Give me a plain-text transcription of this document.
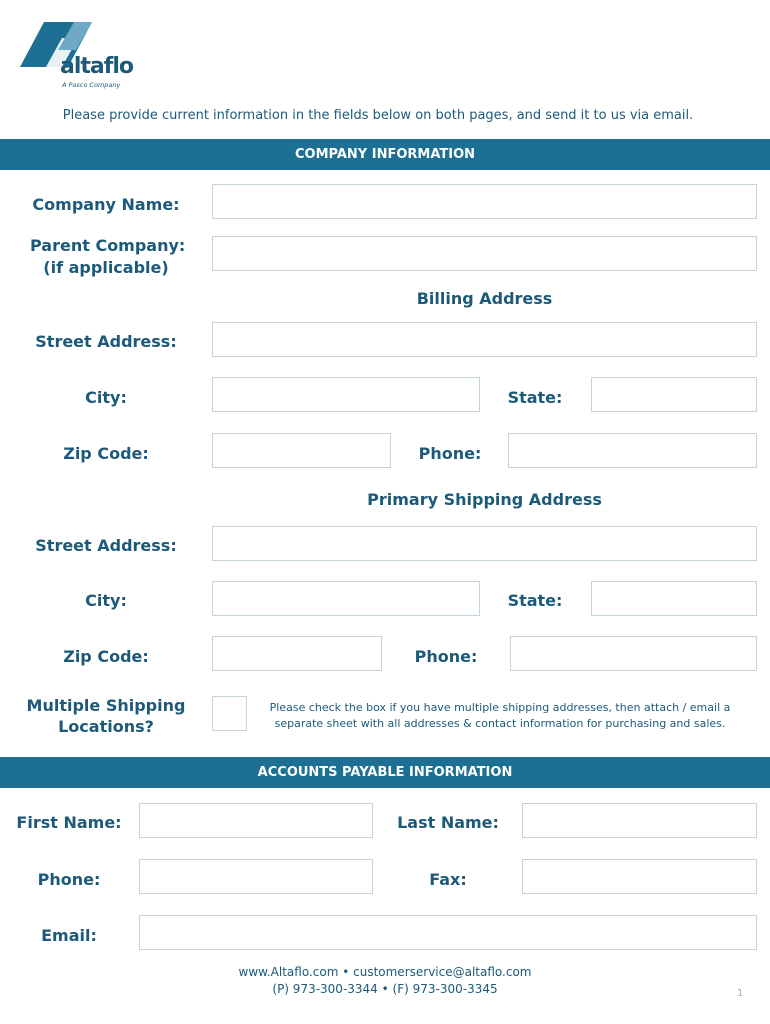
altaflo
A Pasco Company
Please provide current information in the fields below on both pages, and send it to us via email.
COMPANY INFORMATION
Company Name:
Parent Company:
(if applicable)
Billing Address
Street Address:
City:	State:
Zip Code:	Phone:
Primary Shipping Address
Street Address:
City:	State:
Zip Code:	Phone:
Multiple Shipping
Locations?
Please check the box if you have multiple shipping addresses, then attach / email a
separate sheet with all addresses & contact information for purchasing and sales.
ACCOUNTS PAYABLE INFORMATION
First Name:	Last Name:
Phone:	Fax:
Email:
www.Altaflo.com • customerservice@altaflo.com
(P) 973-300-3344 • (F) 973-300-3345	1
